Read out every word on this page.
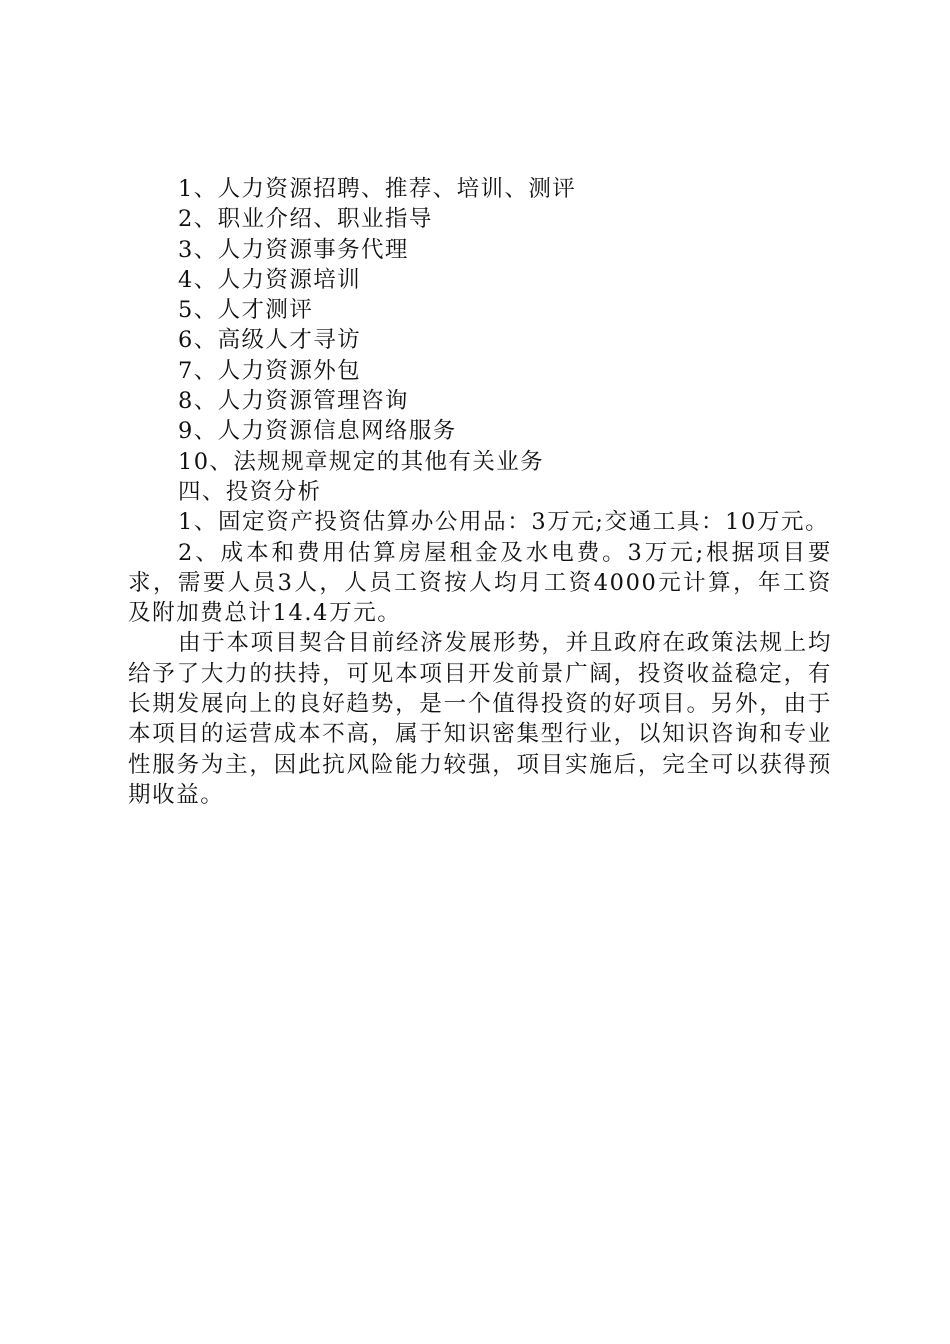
1、人力资源招聘、推荐、培训、测评
2、职业介绍、职业指导
3、人力资源事务代理
4、人力资源培训
5、人才测评
6、高级人才寻访
7、人力资源外包
8、人力资源管理咨询
9、人力资源信息网络服务
10、法规规章规定的其他有关业务
四、投资分析

1、固定资产投资估算办公用品：3万元;交通工具：10万元。

2、成本和费用估算房屋租金及水电费。3万元;根据项目要求，需要人员3人，人员工资按人均月工资4000元计算，年工资及附加费总计14.4万元。

由于本项目契合目前经济发展形势，并且政府在政策法规上均给予了大力的扶持，可见本项目开发前景广阔，投资收益稳定，有长期发展向上的良好趋势，是一个值得投资的好项目。另外，由于本项目的运营成本不高，属于知识密集型行业，以知识咨询和专业性服务为主，因此抗风险能力较强，项目实施后，完全可以获得预期收益。
